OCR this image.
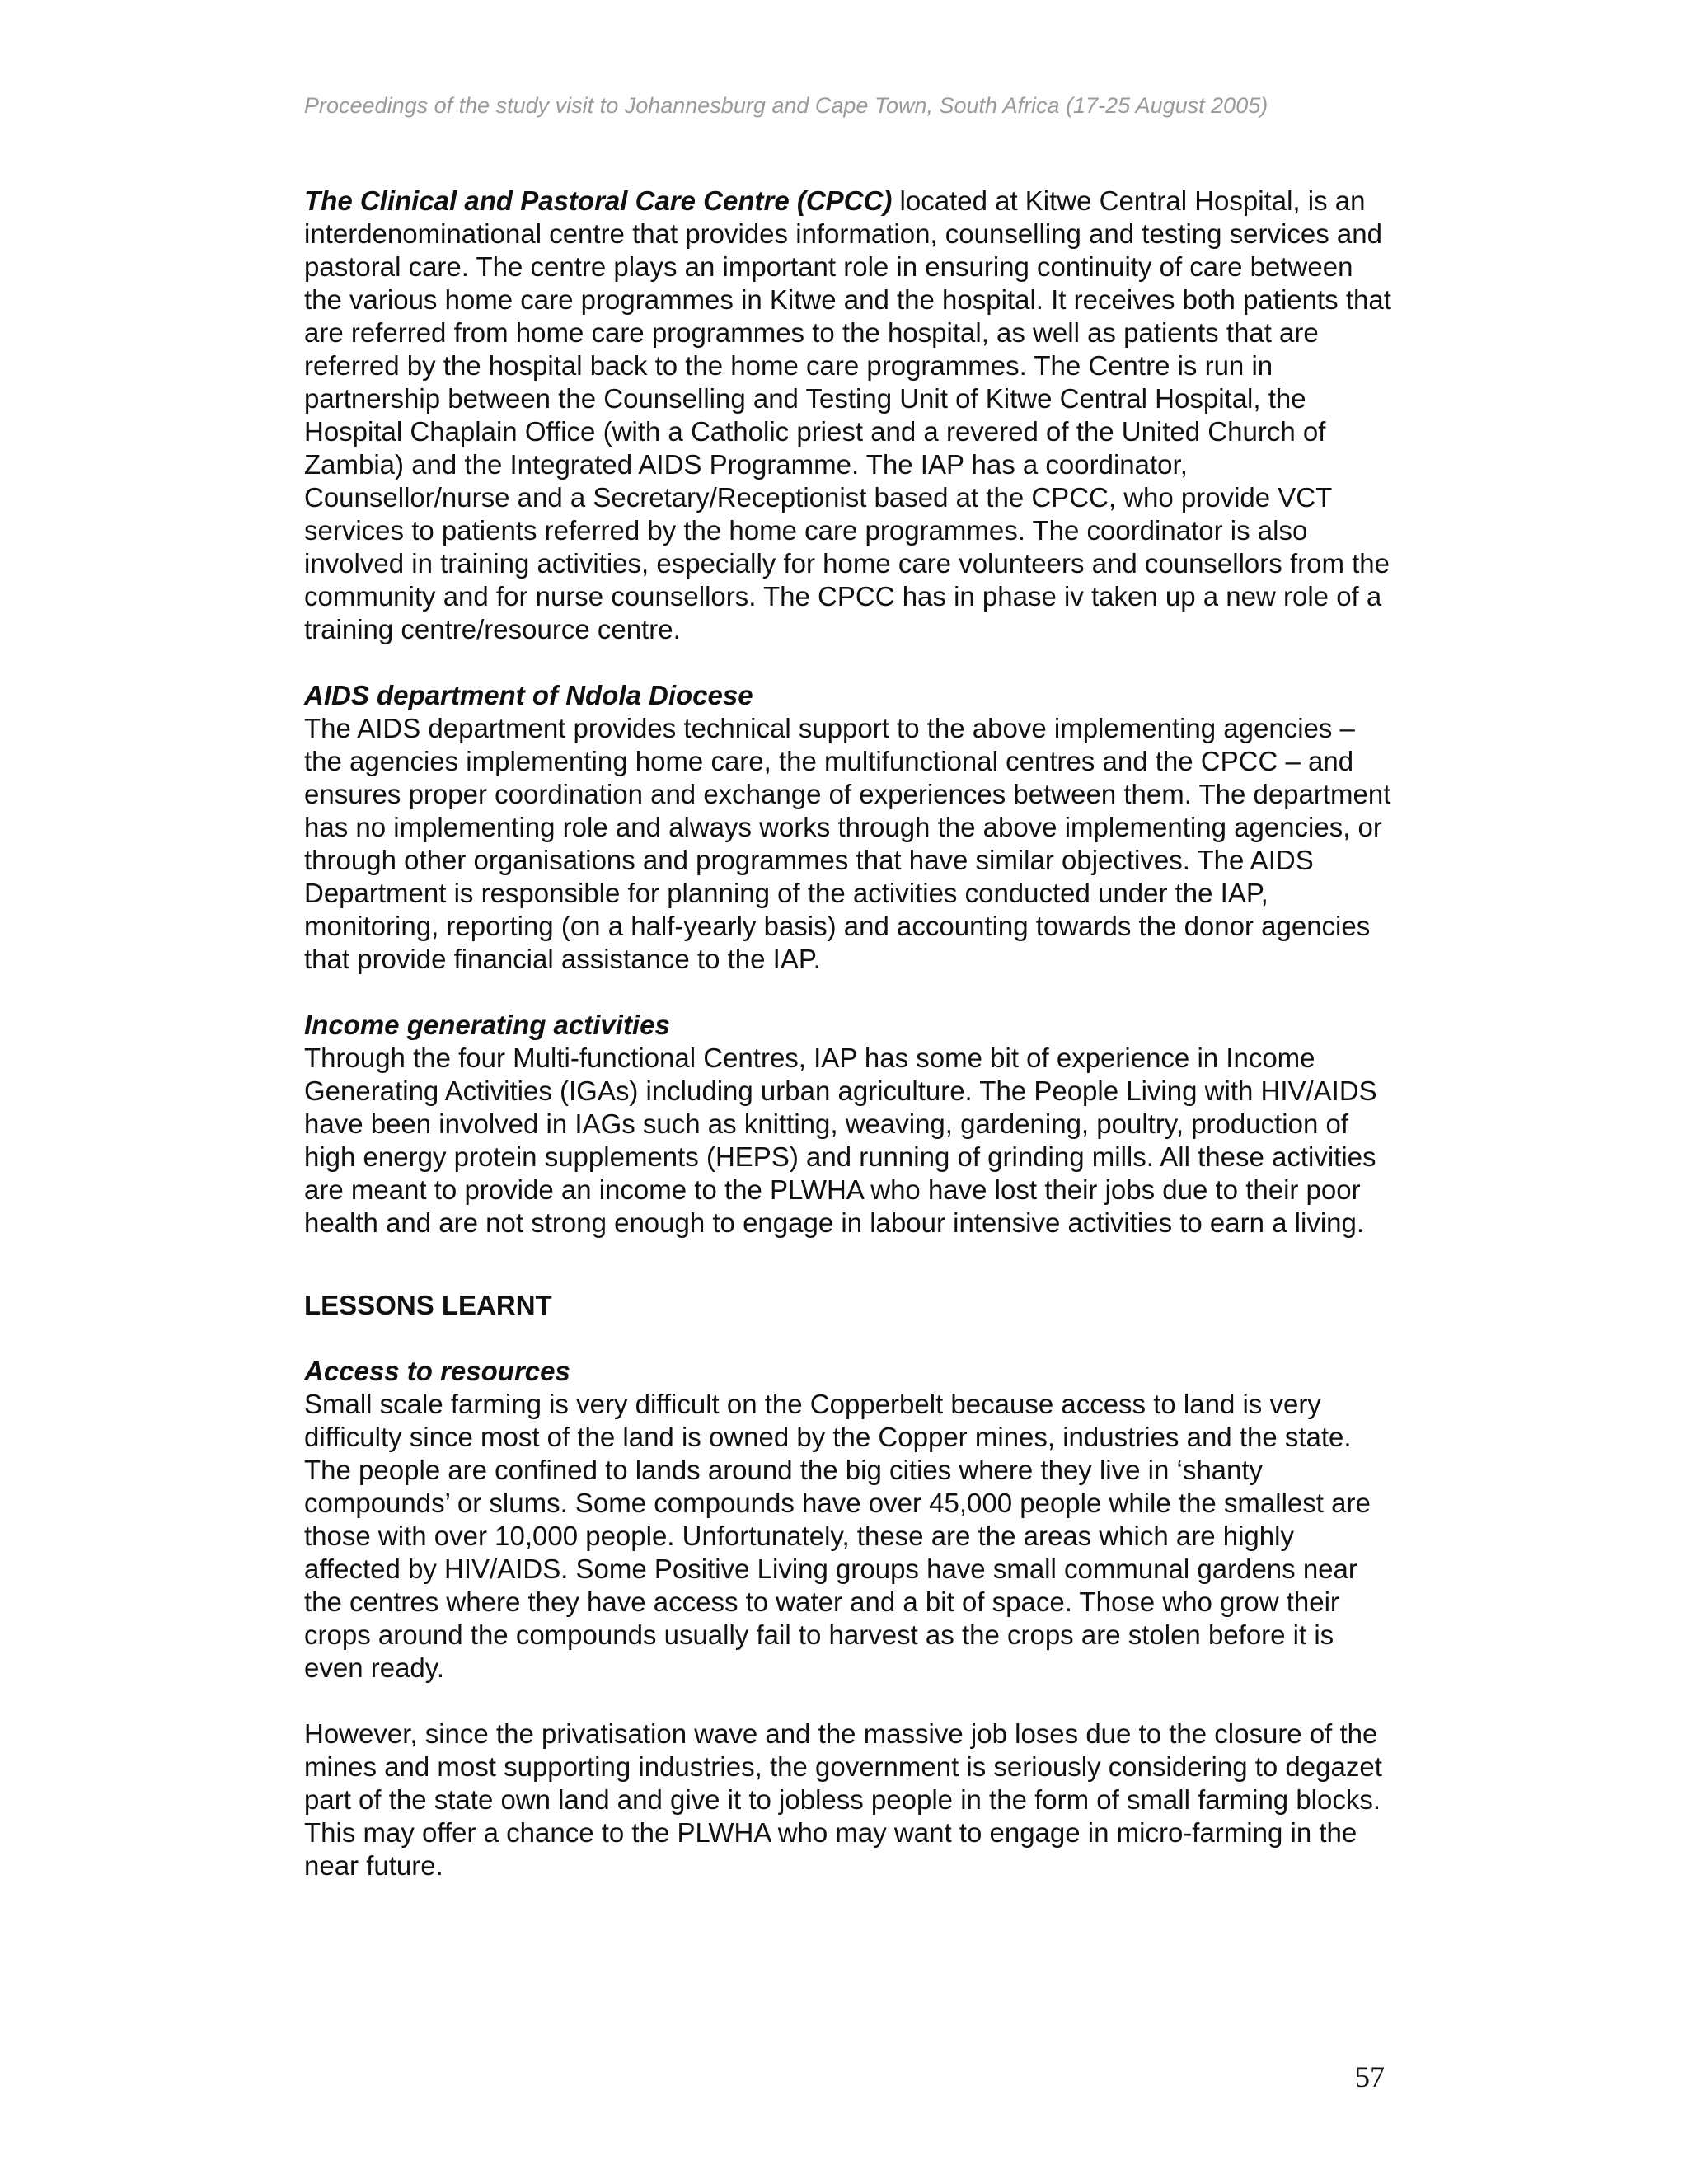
Proceedings of the study visit to Johannesburg and Cape Town, South Africa (17-25 August 2005)

The Clinical and Pastoral Care Centre (CPCC) located at Kitwe Central Hospital, is an interdenominational centre that provides information, counselling and testing services and pastoral care. The centre plays an important role in ensuring continuity of care between the various home care programmes in Kitwe and the hospital. It receives both patients that are referred from home care programmes to the hospital, as well as patients that are referred by the hospital back to the home care programmes. The Centre is run in partnership between the Counselling and Testing Unit of Kitwe Central Hospital, the Hospital Chaplain Office (with a Catholic priest and a revered of the United Church of Zambia) and the Integrated AIDS Programme. The IAP has a coordinator, Counsellor/nurse and a Secretary/Receptionist based at the CPCC, who provide VCT services to patients referred by the home care programmes. The coordinator is also involved in training activities, especially for home care volunteers and counsellors from the community and for nurse counsellors. The CPCC has in phase iv taken up a new role of a training centre/resource centre.

AIDS department of Ndola Diocese
The AIDS department provides technical support to the above implementing agencies – the agencies implementing home care, the multifunctional centres and the CPCC – and ensures proper coordination and exchange of experiences between them. The department has no implementing role and always works through the above implementing agencies, or through other organisations and programmes that have similar objectives. The AIDS Department is responsible for planning of the activities conducted under the IAP, monitoring, reporting (on a half-yearly basis) and accounting towards the donor agencies that provide financial assistance to the IAP.

Income generating activities
Through the four Multi-functional Centres, IAP has some bit of experience in Income Generating Activities (IGAs) including urban agriculture. The People Living with HIV/AIDS have been involved in IAGs such as knitting, weaving, gardening, poultry, production of high energy protein supplements (HEPS) and running of grinding mills. All these activities are meant to provide an income to the PLWHA who have lost their jobs due to their poor health and are not strong enough to engage in labour intensive activities to earn a living.

LESSONS LEARNT

Access to resources
Small scale farming is very difficult on the Copperbelt because access to land is very difficulty since most of the land is owned by the Copper mines, industries and the state. The people are confined to lands around the big cities where they live in ‘shanty compounds’ or slums. Some compounds have over 45,000 people while the smallest are those with over 10,000 people. Unfortunately, these are the areas which are highly affected by HIV/AIDS. Some Positive Living groups have small communal gardens near the centres where they have access to water and a bit of space. Those who grow their crops around the compounds usually fail to harvest as the crops are stolen before it is even ready.

However, since the privatisation wave and the massive job loses due to the closure of the mines and most supporting industries, the government is seriously considering to degazet part of the state own land and give it to jobless people in the form of small farming blocks. This may offer a chance to the PLWHA who may want to engage in micro-farming in the near future.

57
